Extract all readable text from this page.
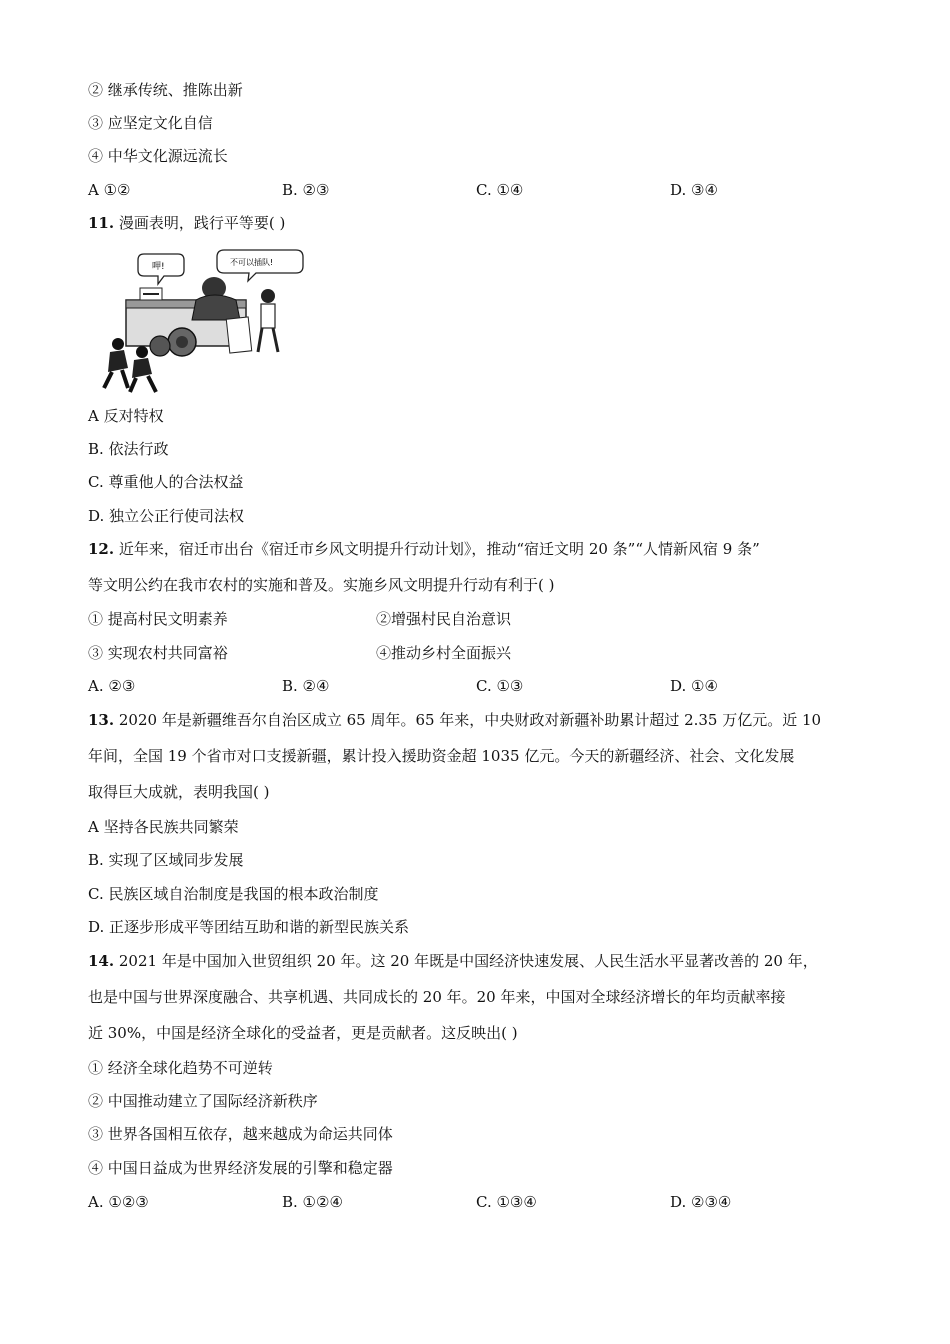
② 继承传统、推陈出新
③ 应坚定文化自信
④ 中华文化源远流长
A ①②	B. ②③	C. ①④	D. ③④
11. 漫画表明，践行平等要( )
呷!	不可以插队!
A 反对特权
B. 依法行政
C. 尊重他人的合法权益
D. 独立公正行使司法权
12. 近年来，宿迁市出台《宿迁市乡风文明提升行动计划》，推动“宿迁文明 20 条”“人情新风宿 9 条”
等文明公约在我市农村的实施和普及。实施乡风文明提升行动有利于( )
① 提高村民文明素养	②增强村民自治意识
③ 实现农村共同富裕	④推动乡村全面振兴
A. ②③	B. ②④	C. ①③	D. ①④
13. 2020 年是新疆维吾尔自治区成立 65 周年。65 年来，中央财政对新疆补助累计超过 2.35 万亿元。近 10
年间，全国 19 个省市对口支援新疆，累计投入援助资金超 1035 亿元。今天的新疆经济、社会、文化发展
取得巨大成就，表明我国( )
A 坚持各民族共同繁荣
B. 实现了区域同步发展
C. 民族区域自治制度是我国的根本政治制度
D. 正逐步形成平等团结互助和谐的新型民族关系
14. 2021 年是中国加入世贸组织 20 年。这 20 年既是中国经济快速发展、人民生活水平显著改善的 20 年，
也是中国与世界深度融合、共享机遇、共同成长的 20 年。20 年来，中国对全球经济增长的年均贡献率接
近 30%，中国是经济全球化的受益者，更是贡献者。这反映出( )
① 经济全球化趋势不可逆转
② 中国推动建立了国际经济新秩序
③ 世界各国相互依存，越来越成为命运共同体
④ 中国日益成为世界经济发展的引擎和稳定器
A. ①②③	B. ①②④	C. ①③④	D. ②③④
